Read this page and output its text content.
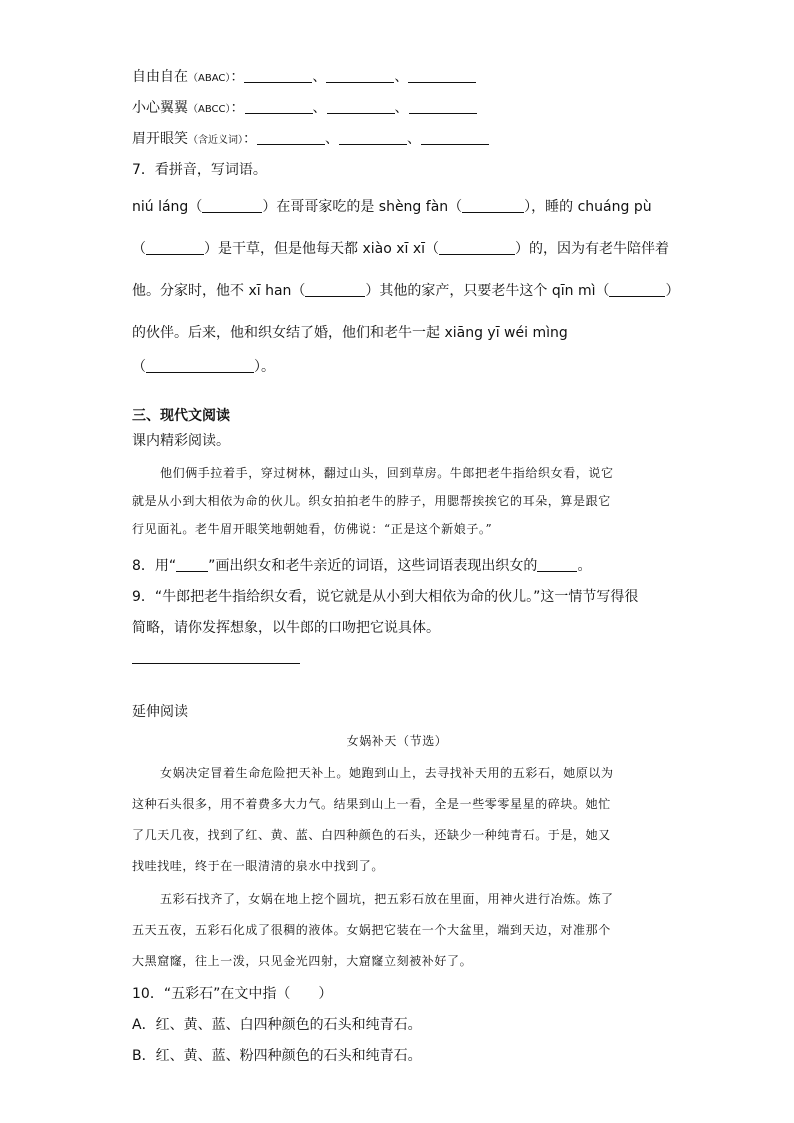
自由自在（ABAC）：	、	、
小心翼翼（ABCC）：	、	、
眉开眼笑（含近义词）：	、	、
7．看拼音，写词语。
niú láng（	）在哥哥家吃的是 shèng fàn（	），睡的 chuáng pù
（	）是干草，但是他每天都 xiào xī xī（	）的，因为有老牛陪伴着
他。分家时，他不 xī han（	）其他的家产，只要老牛这个 qīn mì（	）
的伙伴。后来，他和织女结了婚，他们和老牛一起 xiāng yī wéi mìng
（	）。
三、现代文阅读
课内精彩阅读。
他们俩手拉着手，穿过树林，翻过山头，回到草房。牛郎把老牛指给织女看，说它
就是从小到大相依为命的伙儿。织女拍拍老牛的脖子，用腮帮挨挨它的耳朵，算是跟它
行见面礼。老牛眉开眼笑地朝她看，仿佛说：“正是这个新娘子。”
8．用“ ”画出织女和老牛亲近的词语，这些词语表现出织女的	。
9．“牛郎把老牛指给织女看，说它就是从小到大相依为命的伙儿。”这一情节写得很
简略，请你发挥想象，以牛郎的口吻把它说具体。
延伸阅读
女娲补天（节选）
女娲决定冒着生命危险把天补上。她跑到山上，去寻找补天用的五彩石，她原以为
这种石头很多，用不着费多大力气。结果到山上一看，全是一些零零星星的碎块。她忙
了几天几夜，找到了红、黄、蓝、白四种颜色的石头，还缺少一种纯青石。于是，她又
找哇找哇，终于在一眼清清的泉水中找到了。
五彩石找齐了，女娲在地上挖个圆坑，把五彩石放在里面，用神火进行冶炼。炼了
五天五夜，五彩石化成了很稠的液体。女娲把它装在一个大盆里，端到天边，对准那个
大黑窟窿，往上一泼，只见金光四射，大窟窿立刻被补好了。
10．“五彩石”在文中指（　　）
A．红、黄、蓝、白四种颜色的石头和纯青石。
B．红、黄、蓝、粉四种颜色的石头和纯青石。
